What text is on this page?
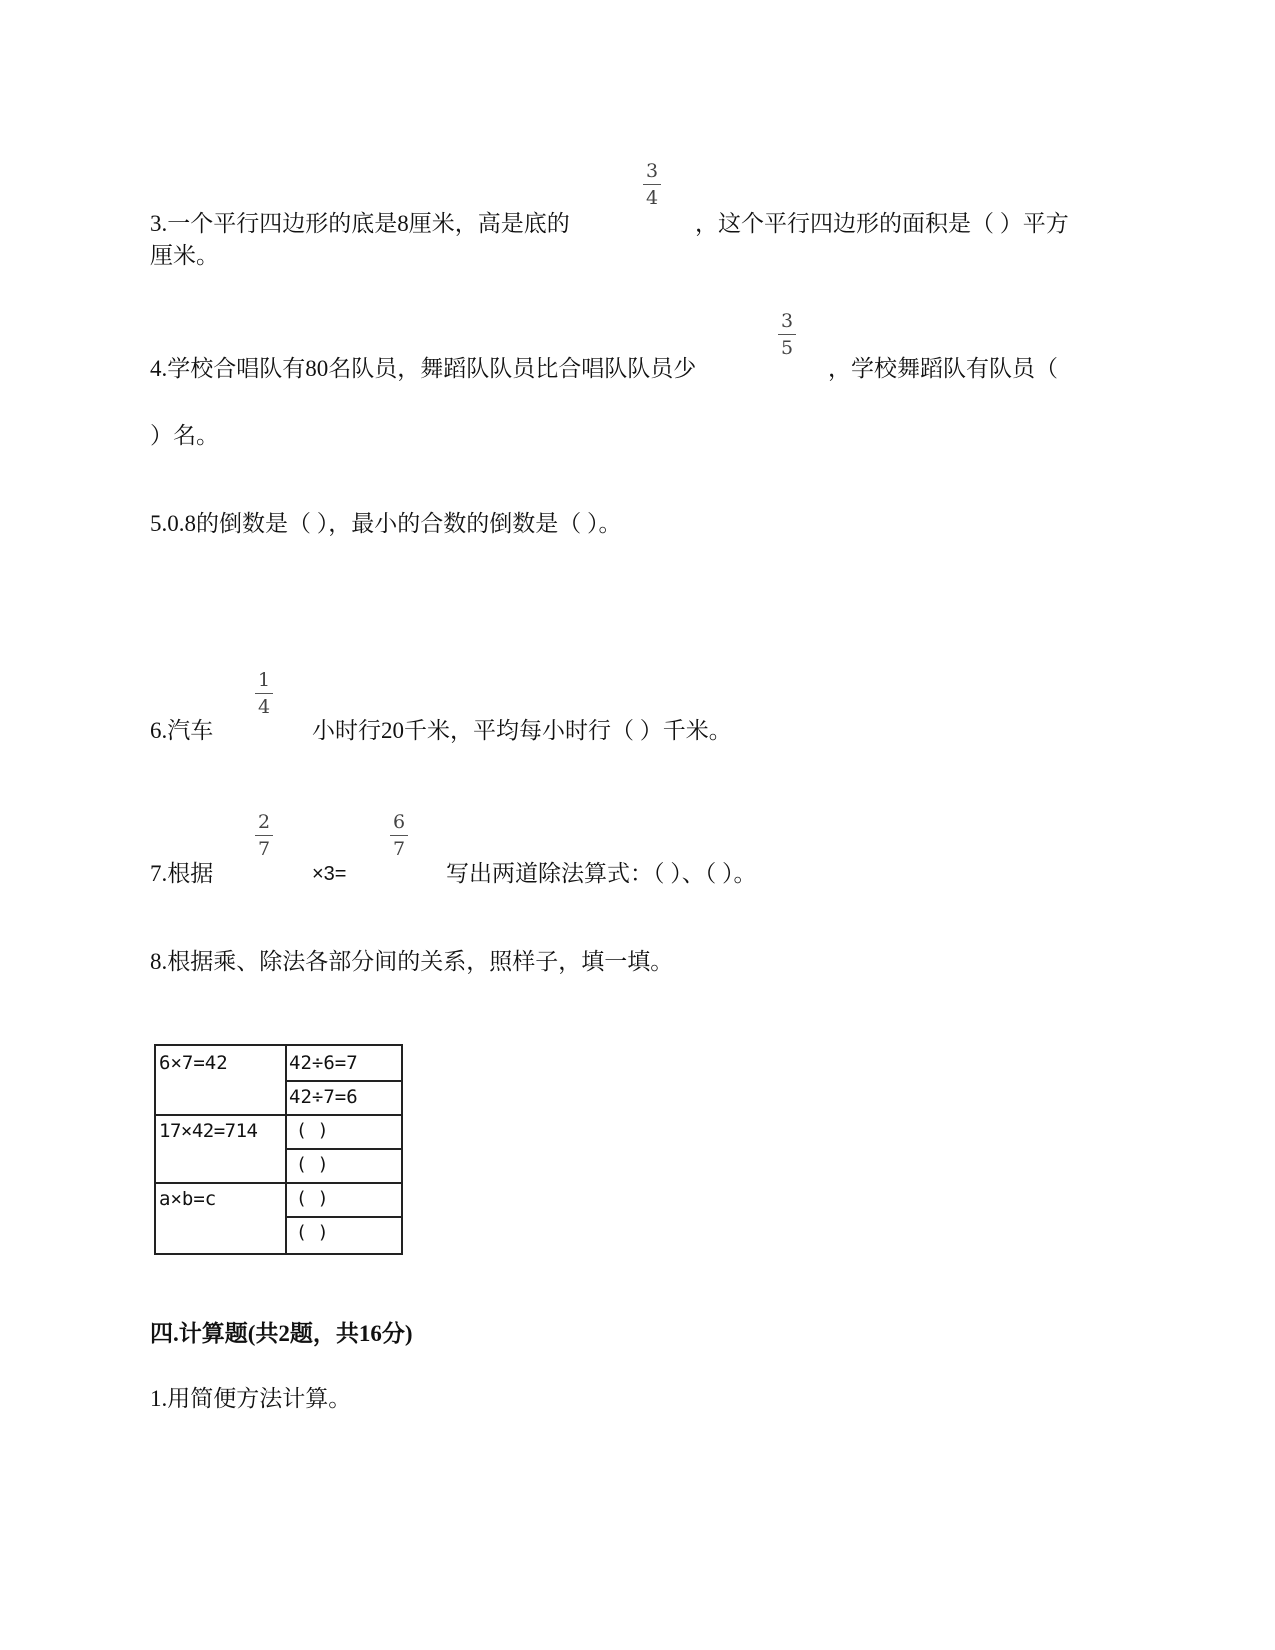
3
4
3.一个平行四边形的底是8厘米，高是底的	，这个平行四边形的面积是（ ）平方
厘米。
3
5
4.学校合唱队有80名队员，舞蹈队队员比合唱队队员少	，学校舞蹈队有队员（
）名。
5.0.8的倒数是（ ），最小的合数的倒数是（ ）。
1
4
6.汽车	小时行20千米，平均每小时行（ ）千米。
2
7
6
7
7.根据	×3=	写出两道除法算式：（ ）、（ ）。
8.根据乘、除法各部分间的关系，照样子，填一填。
6×7=42	42÷6=7
42÷7=6
17×42=714 ( )
( )
a×b=c	( )
( )
四.计算题(共2题，共16分)
1.用简便方法计算。
